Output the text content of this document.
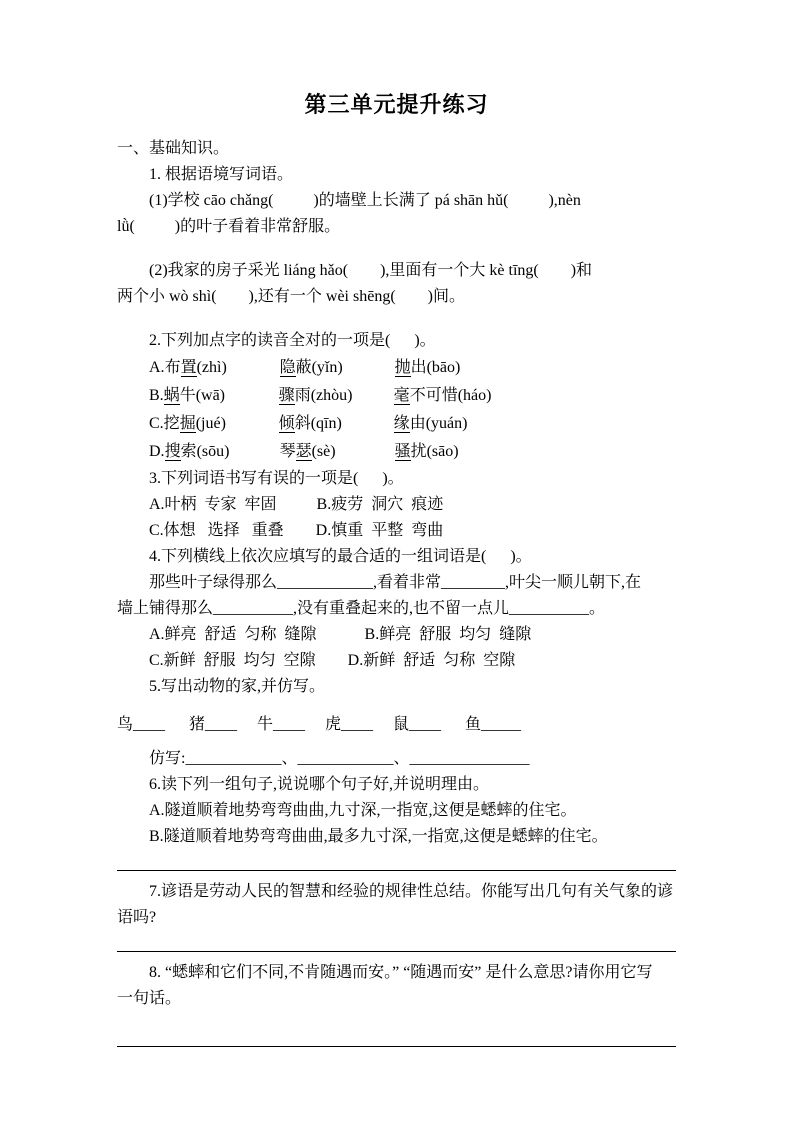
第三单元提升练习
一、基础知识。
1. 根据语境写词语。
(1)学校 cāo chǎng(          )的墙壁上长满了 pá shān hǔ(          ),nèn
lǜ(          )的叶子看着非常舒服。
(2)我家的房子采光 liáng hǎo(        ),里面有一个大 kè tīng(        )和
两个小 wò shì(        ),还有一个 wèi shēng(        )间。
2.下列加点字的读音全对的一项是(      )。
A.布置(zhì)	隐蔽(yǐn)	抛出(bāo)
B.蜗牛(wā)	骤雨(zhòu)	毫不可惜(háo)
C.挖掘(jué)	倾斜(qīn)	缘由(yuán)
D.搜索(sōu)	琴瑟(sè)	骚扰(sāo)
3.下列词语书写有误的一项是(      )。
A.叶柄  专家  牢固          B.疲劳  洞穴  痕迹
C.体想   选择   重叠        D.慎重  平整  弯曲
4.下列横线上依次应填写的最合适的一组词语是(      )。
那些叶子绿得那么____________,看着非常________,叶尖一顺儿朝下,在
墙上铺得那么__________,没有重叠起来的,也不留一点儿__________。
A.鲜亮  舒适  匀称  缝隙            B.鲜亮  舒服  均匀  缝隙
C.新鲜  舒服  均匀  空隙        D.新鲜  舒适  匀称  空隙
5.写出动物的家,并仿写。
鸟____      猪____     牛____     虎____     鼠____      鱼_____
仿写:____________、____________、_______________
6.读下列一组句子,说说哪个句子好,并说明理由。
A.隧道顺着地势弯弯曲曲,九寸深,一指宽,这便是蟋蟀的住宅。
B.隧道顺着地势弯弯曲曲,最多九寸深,一指宽,这便是蟋蟀的住宅。
7.谚语是劳动人民的智慧和经验的规律性总结。你能写出几句有关气象的谚
语吗?
8. “蟋蟀和它们不同,不肯随遇而安。” “随遇而安” 是什么意思?请你用它写
一句话。
